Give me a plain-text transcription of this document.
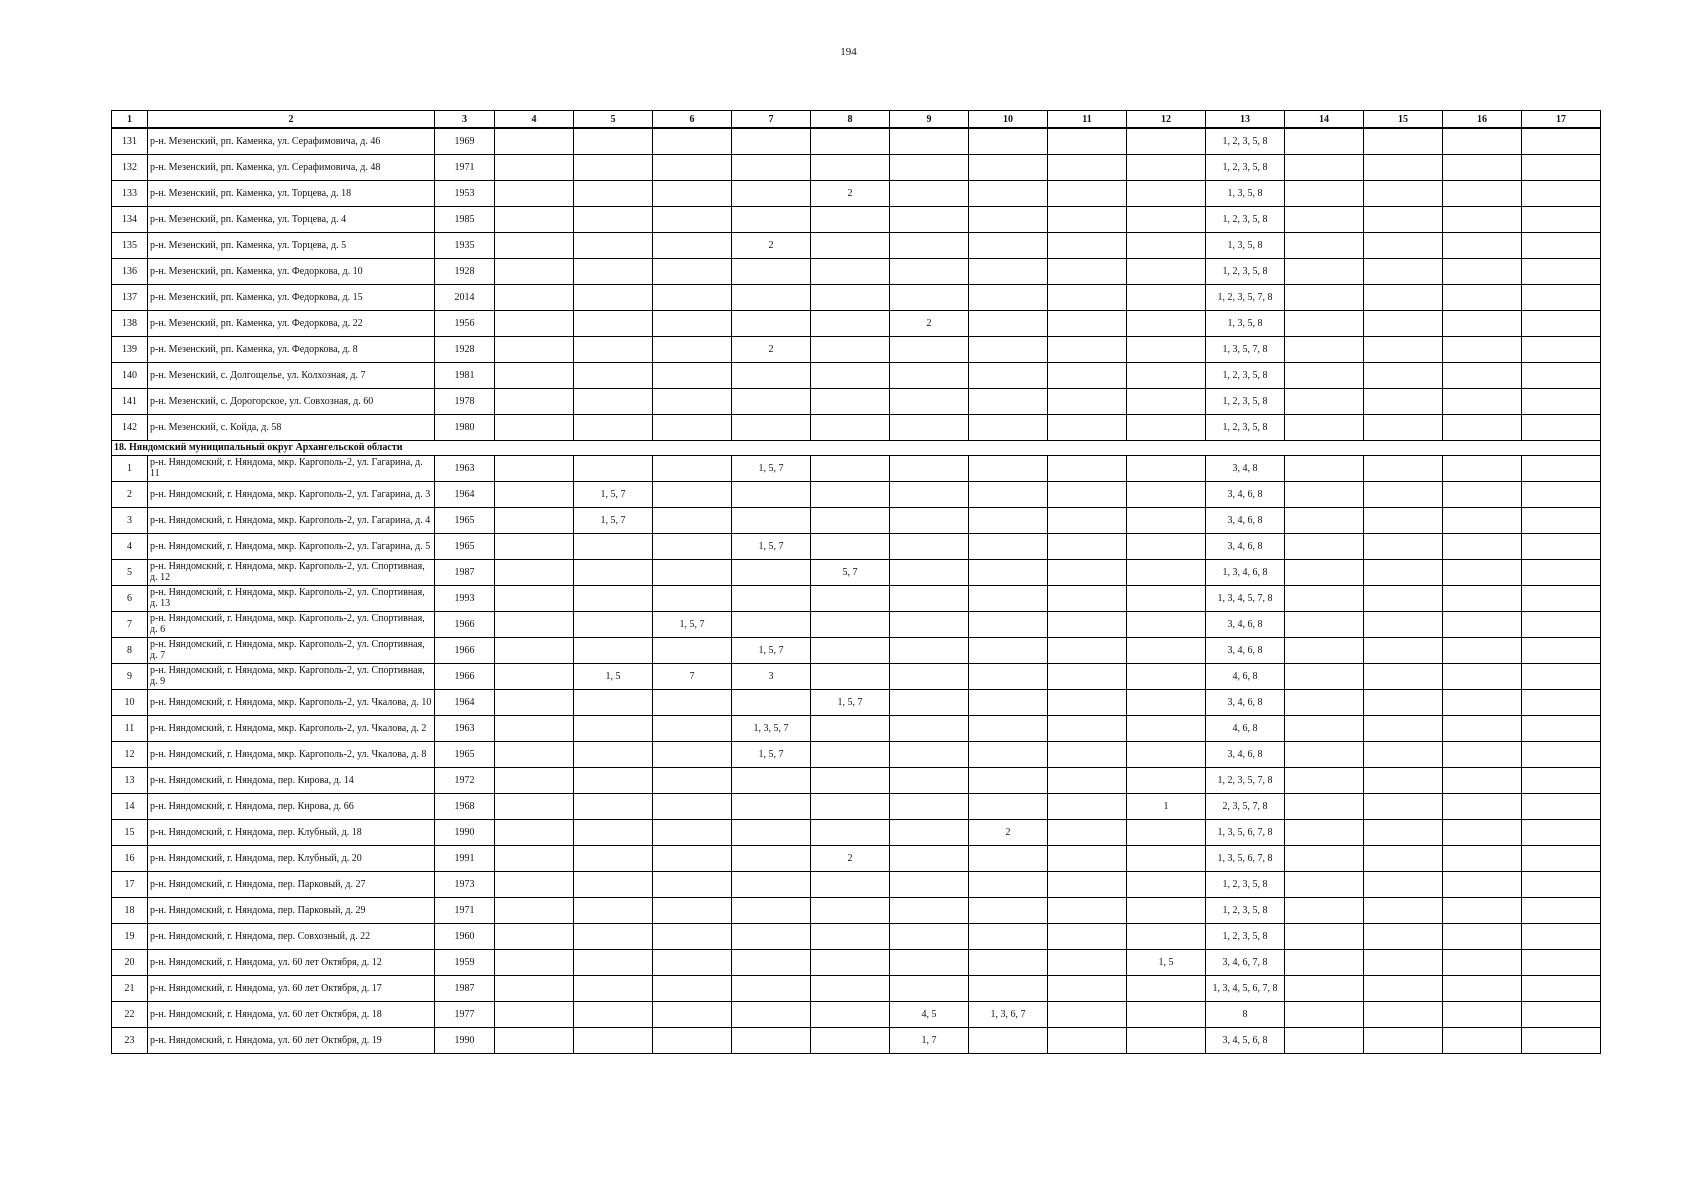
194
1	2	3	4	5	6	7	8	9	10	11	12	13	14	15	16	17
131	р-н. Мезенский, рп. Каменка, ул. Серафимовича, д. 46	1969										1, 2, 3, 5, 8				
132	р-н. Мезенский, рп. Каменка, ул. Серафимовича, д. 48	1971										1, 2, 3, 5, 8				
133	р-н. Мезенский, рп. Каменка, ул. Торцева, д. 18	1953					2					1, 3, 5, 8				
134	р-н. Мезенский, рп. Каменка, ул. Торцева, д. 4	1985										1, 2, 3, 5, 8				
135	р-н. Мезенский, рп. Каменка, ул. Торцева, д. 5	1935				2						1, 3, 5, 8				
136	р-н. Мезенский, рп. Каменка, ул. Федоркова, д. 10	1928										1, 2, 3, 5, 8				
137	р-н. Мезенский, рп. Каменка, ул. Федоркова, д. 15	2014										1, 2, 3, 5, 7, 8				
138	р-н. Мезенский, рп. Каменка, ул. Федоркова, д. 22	1956						2				1, 3, 5, 8				
139	р-н. Мезенский, рп. Каменка, ул. Федоркова, д. 8	1928				2						1, 3, 5, 7, 8				
140	р-н. Мезенский, с. Долгощелье, ул. Колхозная, д. 7	1981										1, 2, 3, 5, 8				
141	р-н. Мезенский, с. Дорогорское, ул. Совхозная, д. 60	1978										1, 2, 3, 5, 8				
142	р-н. Мезенский, с. Койда, д. 58	1980										1, 2, 3, 5, 8				
18. Няндомский муниципальный округ Архангельской области																
1	р-н. Няндомский, г. Няндома, мкр. Каргополь-2, ул. Гагарина, д. 11	1963				1, 5, 7						3, 4, 8				
2	р-н. Няндомский, г. Няндома, мкр. Каргополь-2, ул. Гагарина, д. 3	1964		1, 5, 7								3, 4, 6, 8				
3	р-н. Няндомский, г. Няндома, мкр. Каргополь-2, ул. Гагарина, д. 4	1965		1, 5, 7								3, 4, 6, 8				
4	р-н. Няндомский, г. Няндома, мкр. Каргополь-2, ул. Гагарина, д. 5	1965				1, 5, 7						3, 4, 6, 8				
5	р-н. Няндомский, г. Няндома, мкр. Каргополь-2, ул. Спортивная, д. 12	1987					5, 7					1, 3, 4, 6, 8				
6	р-н. Няндомский, г. Няндома, мкр. Каргополь-2, ул. Спортивная, д. 13	1993										1, 3, 4, 5, 7, 8				
7	р-н. Няндомский, г. Няндома, мкр. Каргополь-2, ул. Спортивная, д. 6	1966			1, 5, 7							3, 4, 6, 8				
8	р-н. Няндомский, г. Няндома, мкр. Каргополь-2, ул. Спортивная, д. 7	1966				1, 5, 7						3, 4, 6, 8				
9	р-н. Няндомский, г. Няндома, мкр. Каргополь-2, ул. Спортивная, д. 9	1966		1, 5	7	3						4, 6, 8				
10	р-н. Няндомский, г. Няндома, мкр. Каргополь-2, ул. Чкалова, д. 10	1964					1, 5, 7					3, 4, 6, 8				
11	р-н. Няндомский, г. Няндома, мкр. Каргополь-2, ул. Чкалова, д. 2	1963				1, 3, 5, 7						4, 6, 8				
12	р-н. Няндомский, г. Няндома, мкр. Каргополь-2, ул. Чкалова, д. 8	1965				1, 5, 7						3, 4, 6, 8				
13	р-н. Няндомский, г. Няндома, пер. Кирова, д. 14	1972										1, 2, 3, 5, 7, 8				
14	р-н. Няндомский, г. Няндома, пер. Кирова, д. 66	1968									1	2, 3, 5, 7, 8				
15	р-н. Няндомский, г. Няндома, пер. Клубный, д. 18	1990							2			1, 3, 5, 6, 7, 8				
16	р-н. Няндомский, г. Няндома, пер. Клубный, д. 20	1991					2					1, 3, 5, 6, 7, 8				
17	р-н. Няндомский, г. Няндома, пер. Парковый, д. 27	1973										1, 2, 3, 5, 8				
18	р-н. Няндомский, г. Няндома, пер. Парковый, д. 29	1971										1, 2, 3, 5, 8				
19	р-н. Няндомский, г. Няндома, пер. Совхозный, д. 22	1960										1, 2, 3, 5, 8				
20	р-н. Няндомский, г. Няндома, ул. 60 лет Октября, д. 12	1959									1, 5	3, 4, 6, 7, 8				
21	р-н. Няндомский, г. Няндома, ул. 60 лет Октября, д. 17	1987										1, 3, 4, 5, 6, 7, 8				
22	р-н. Няндомский, г. Няндома, ул. 60 лет Октября, д. 18	1977						4, 5	1, 3, 6, 7			8				
23	р-н. Няндомский, г. Няндома, ул. 60 лет Октября, д. 19	1990						1, 7				3, 4, 5, 6, 8				
